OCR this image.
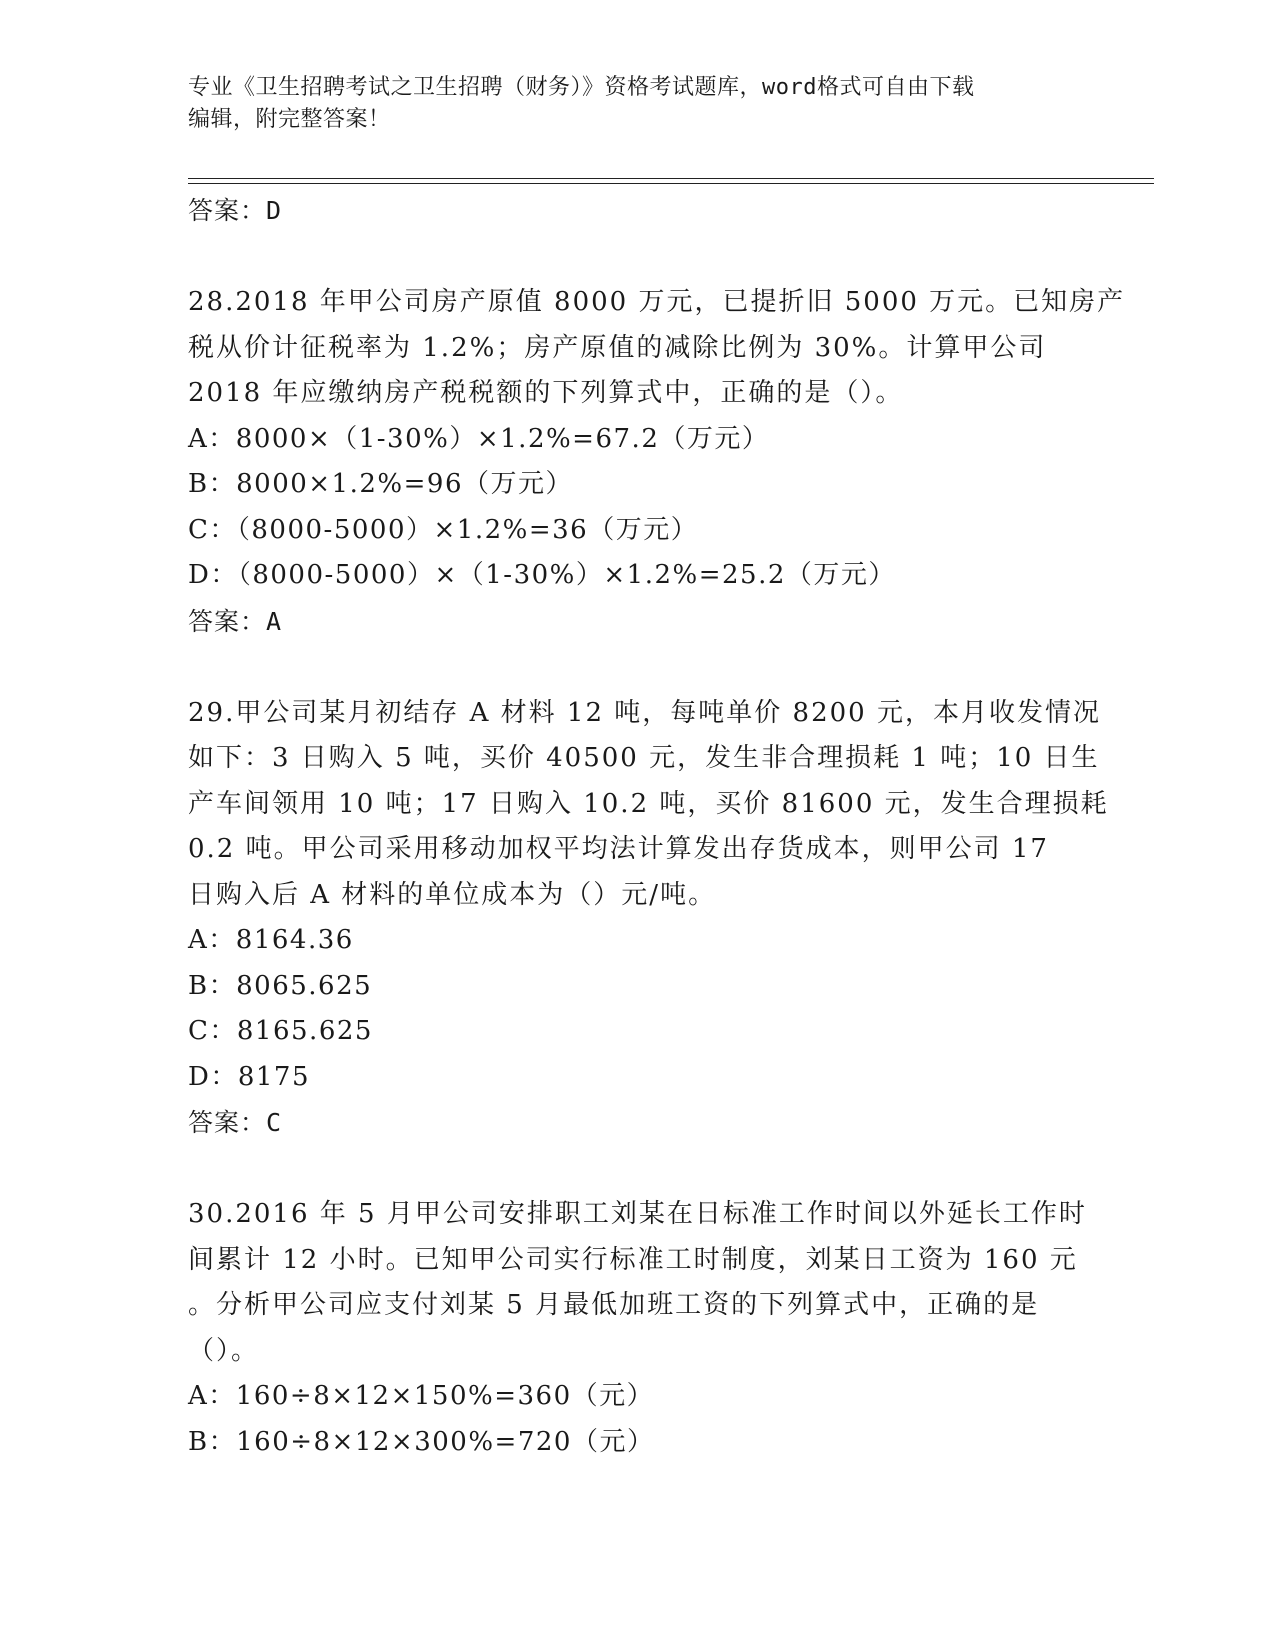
专业《卫生招聘考试之卫生招聘（财务）》资格考试题库，word格式可自由下载
编辑，附完整答案！
答案：D
28.2018 年甲公司房产原值 8000 万元，已提折旧 5000 万元。已知房产
税从价计征税率为 1.2%；房产原值的减除比例为 30%。计算甲公司
2018 年应缴纳房产税税额的下列算式中，正确的是（）。
A：8000×（1-30%）×1.2%=67.2（万元）
B：8000×1.2%=96（万元）
C：（8000-5000）×1.2%=36（万元）
D：（8000-5000）×（1-30%）×1.2%=25.2（万元）
答案：A
29.甲公司某月初结存 A 材料 12 吨，每吨单价 8200 元，本月收发情况
如下：3 日购入 5 吨，买价 40500 元，发生非合理损耗 1 吨；10 日生
产车间领用 10 吨；17 日购入 10.2 吨，买价 81600 元，发生合理损耗
0.2 吨。甲公司采用移动加权平均法计算发出存货成本，则甲公司 17
日购入后 A 材料的单位成本为（）元/吨。
A：8164.36
B：8065.625
C：8165.625
D：8175
答案：C
30.2016 年 5 月甲公司安排职工刘某在日标准工作时间以外延长工作时
间累计 12 小时。已知甲公司实行标准工时制度，刘某日工资为 160 元
。分析甲公司应支付刘某 5 月最低加班工资的下列算式中，正确的是
（）。
A：160÷8×12×150%=360（元）
B：160÷8×12×300%=720（元）
